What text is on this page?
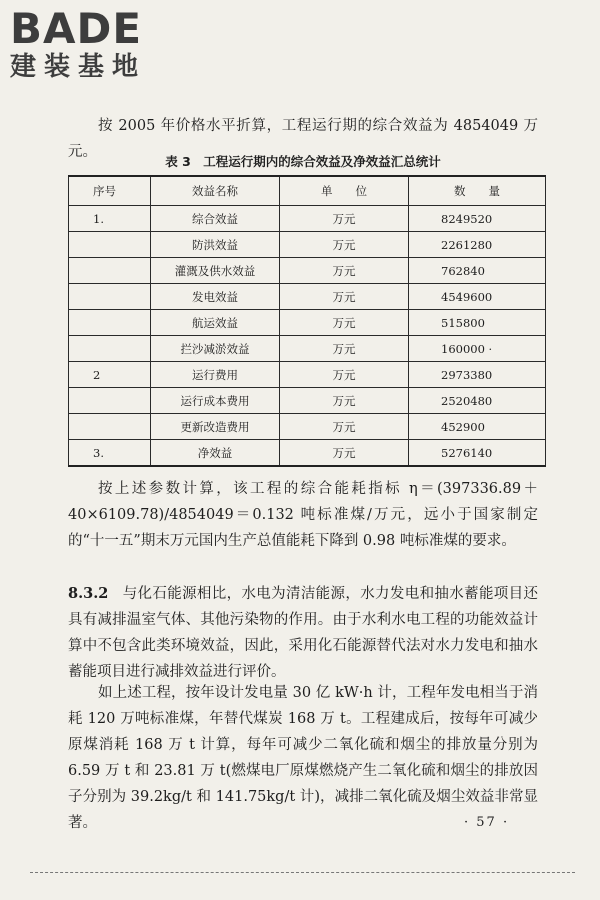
BADE
建装基地

按 2005 年价格水平折算，工程运行期的综合效益为 4854049 万元。

表 3　工程运行期内的综合效益及净效益汇总统计
序号	效益名称	单　　位	数　　量
1.	综合效益	万元	8249520
	防洪效益	万元	2261280
	灌溉及供水效益	万元	762840
	发电效益	万元	4549600
	航运效益	万元	515800
	拦沙减淤效益	万元	160000 ·
2	运行费用	万元	2973380
	运行成本费用	万元	2520480
	更新改造费用	万元	452900
3.	净效益	万元	5276140

按上述参数计算，该工程的综合能耗指标 η＝(397336.89＋40×6109.78)/4854049＝0.132 吨标准煤/万元，远小于国家制定的“十一五”期末万元国内生产总值能耗下降到 0.98 吨标准煤的要求。

8.3.2 与化石能源相比，水电为清洁能源，水力发电和抽水蓄能项目还具有减排温室气体、其他污染物的作用。由于水利水电工程的功能效益计算中不包含此类环境效益，因此，采用化石能源替代法对水力发电和抽水蓄能项目进行减排效益进行评价。

如上述工程，按年设计发电量 30 亿 kW·h 计，工程年发电相当于消耗 120 万吨标准煤，年替代煤炭 168 万 t。工程建成后，按每年可减少原煤消耗 168 万 t 计算，每年可减少二氧化硫和烟尘的排放量分别为 6.59 万 t 和 23.81 万 t(燃煤电厂原煤燃烧产生二氧化硫和烟尘的排放因子分别为 39.2kg/t 和 141.75kg/t 计)，减排二氧化硫及烟尘效益非常显著。	· 57 ·
